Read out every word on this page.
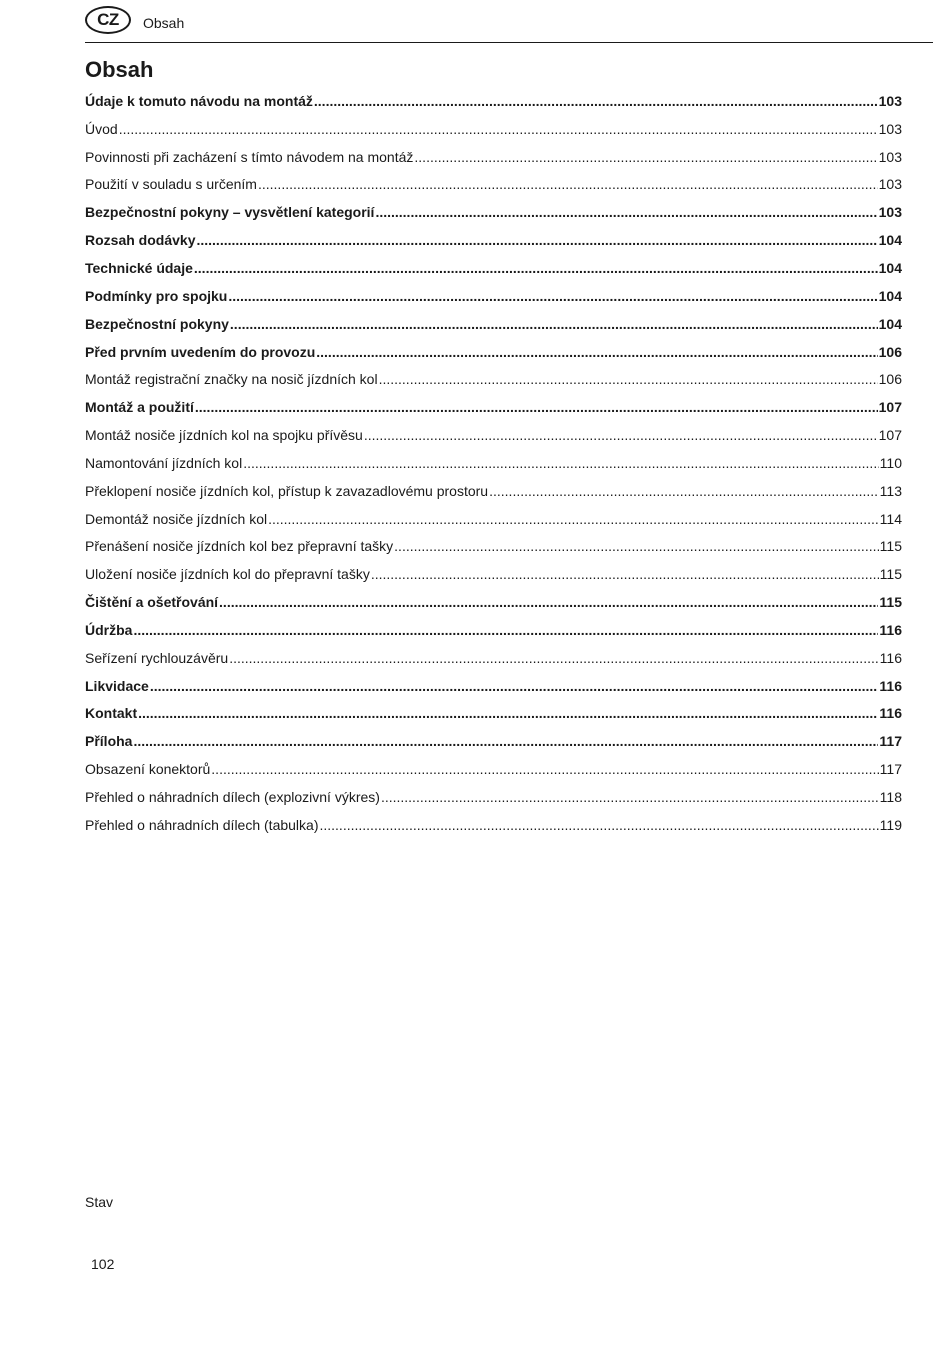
CZ	Obsah
Obsah
Údaje k tomuto návodu na montáž .....	103
Úvod .....	103
Povinnosti při zacházení s tímto návodem na montáž .....	103
Použití v souladu s určením .....	103
Bezpečnostní pokyny – vysvětlení kategorií .....	103
Rozsah dodávky .....	104
Technické údaje .....	104
Podmínky pro spojku .....	104
Bezpečnostní pokyny .....	104
Před prvním uvedením do provozu .....	106
Montáž registrační značky na nosič jízdních kol .....	106
Montáž a použití .....	107
Montáž nosiče jízdních kol na spojku přívěsu .....	107
Namontování jízdních kol .....	110
Překlopení nosiče jízdních kol, přístup k zavazadlovému prostoru .....	113
Demontáž nosiče jízdních kol .....	114
Přenášení nosiče jízdních kol bez přepravní tašky .....	115
Uložení nosiče jízdních kol do přepravní tašky .....	115
Čištění a ošetřování .....	115
Údržba .....	116
Seřízení rychlouzávěru .....	116
Likvidace .....	116
Kontakt .....	116
Příloha .....	117
Obsazení konektorů .....	117
Přehled o náhradních dílech (explozivní výkres) .....	118
Přehled o náhradních dílech (tabulka) .....	119
Stav
102
